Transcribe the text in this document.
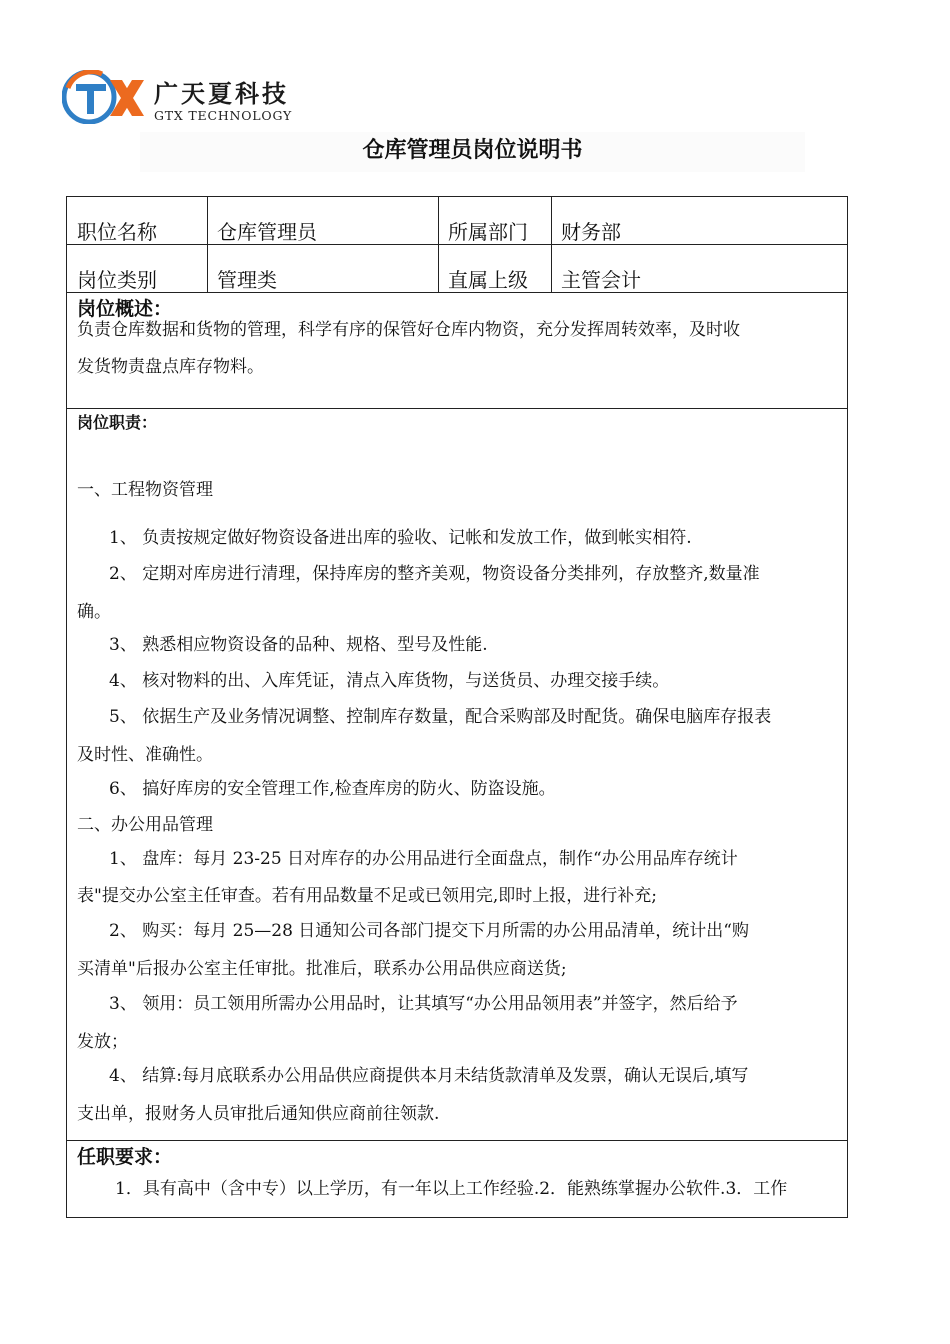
广天夏科技
GTX TECHNOLOGY
仓库管理员岗位说明书
职位名称	仓库管理员	所属部门 财务部
岗位类别	管理类	直属上级 主管会计
岗位概述：
负责仓库数据和货物的管理，科学有序的保管好仓库内物资，充分发挥周转效率，及时收
发货物责盘点库存物料。
岗位职责：
一、工程物资管理
1、 负责按规定做好物资设备进出库的验收、记帐和发放工作，做到帐实相符.
2、 定期对库房进行清理，保持库房的整齐美观，物资设备分类排列，存放整齐,数量准
确。
3、 熟悉相应物资设备的品种、规格、型号及性能.
4、 核对物料的出、入库凭证，清点入库货物，与送货员、办理交接手续。
5、 依据生产及业务情况调整、控制库存数量，配合采购部及时配货。确保电脑库存报表
及时性、准确性。
6、 搞好库房的安全管理工作,检查库房的防火、防盗设施。
二、办公用品管理
1、 盘库：每月 23-25 日对库存的办公用品进行全面盘点，制作“办公用品库存统计
表"提交办公室主任审查。若有用品数量不足或已领用完,即时上报，进行补充;
2、 购买：每月 25—28 日通知公司各部门提交下月所需的办公用品清单，统计出“购
买清单"后报办公室主任审批。批准后，联系办公用品供应商送货;
3、 领用：员工领用所需办公用品时，让其填写“办公用品领用表”并签字，然后给予
发放；
4、 结算:每月底联系办公用品供应商提供本月未结货款清单及发票，确认无误后,填写
支出单，报财务人员审批后通知供应商前往领款.
任职要求：
1．具有高中（含中专）以上学历，有一年以上工作经验.2．能熟练掌握办公软件.3．工作
